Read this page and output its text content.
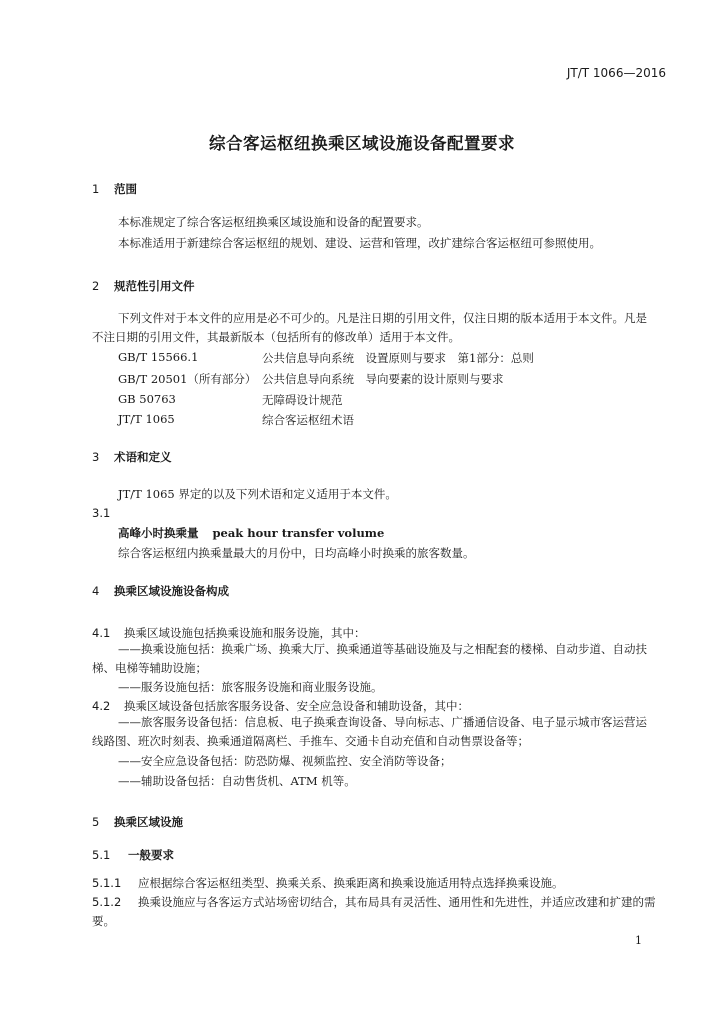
JT/T 1066—2016
综合客运枢纽换乘区域设施设备配置要求
1 范围
本标准规定了综合客运枢纽换乘区域设施和设备的配置要求。
本标准适用于新建综合客运枢纽的规划、建设、运营和管理，改扩建综合客运枢纽可参照使用。
2 规范性引用文件
下列文件对于本文件的应用是必不可少的。凡是注日期的引用文件，仅注日期的版本适用于本文件。凡是不注日期的引用文件，其最新版本（包括所有的修改单）适用于本文件。
GB/T 15566.1	公共信息导向系统　设置原则与要求　第1部分：总则
GB/T 20501（所有部分） 公共信息导向系统　导向要素的设计原则与要求
GB 50763	无障碍设计规范
JT/T 1065	综合客运枢纽术语
3 术语和定义
JT/T 1065 界定的以及下列术语和定义适用于本文件。
3.1
高峰小时换乘量 peak hour transfer volume
综合客运枢纽内换乘量最大的月份中，日均高峰小时换乘的旅客数量。
4 换乘区域设施设备构成
4.1 换乘区域设施包括换乘设施和服务设施，其中：
——换乘设施包括：换乘广场、换乘大厅、换乘通道等基础设施及与之相配套的楼梯、自动步道、自动扶梯、电梯等辅助设施；
——服务设施包括：旅客服务设施和商业服务设施。
4.2 换乘区域设备包括旅客服务设备、安全应急设备和辅助设备，其中：
——旅客服务设备包括：信息板、电子换乘查询设备、导向标志、广播通信设备、电子显示城市客运营运线路图、班次时刻表、换乘通道隔离栏、手推车、交通卡自动充值和自动售票设备等；
——安全应急设备包括：防恐防爆、视频监控、安全消防等设备；
——辅助设备包括：自动售货机、ATM 机等。
5 换乘区域设施
5.1 一般要求
5.1.1 应根据综合客运枢纽类型、换乘关系、换乘距离和换乘设施适用特点选择换乘设施。
5.1.2 换乘设施应与各客运方式站场密切结合，其布局具有灵活性、通用性和先进性，并适应改建和扩建的需要。
1
